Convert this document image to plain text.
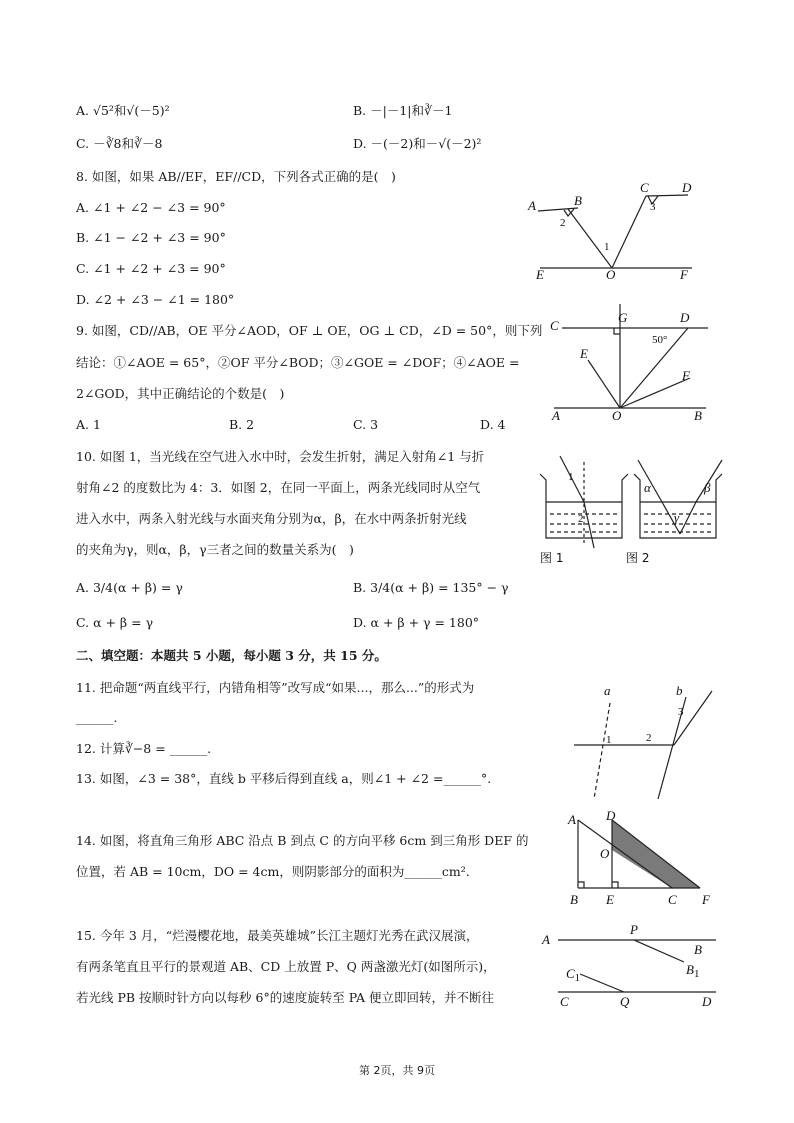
A. √5²和√(－5)²	B. －|－1|和∛－1
C. －∛8和∛－8	D. －(－2)和－√(－2)²
8. 如图，如果 AB//EF，EF//CD，下列各式正确的是(　)
A. ∠1 + ∠2 − ∠3 = 90°
B. ∠1 − ∠2 + ∠3 = 90°
C. ∠1 + ∠2 + ∠3 = 90°
D. ∠2 + ∠3 − ∠1 = 180°
A	B
C	D
E	O	F
1
2
3
9. 如图，CD//AB，OE 平分∠AOD，OF ⊥ OE，OG ⊥ CD，∠D = 50°，则下列
结论：①∠AOE = 65°，②OF 平分∠BOD；③∠GOE = ∠DOF；④∠AOE =
2∠GOD，其中正确结论的个数是(　)
A. 1	B. 2	C. 3	D. 4
C
G	D
50°
E
F
A	O	B
10. 如图 1，当光线在空气进入水中时，会发生折射，满足入射角∠1 与折
射角∠2 的度数比为 4：3．如图 2，在同一平面上，两条光线同时从空气
进入水中，两条入射光线与水面夹角分别为α，β，在水中两条折射光线
的夹角为γ，则α，β，γ三者之间的数量关系为(　)
A. 3/4(α + β) = γ	B. 3/4(α + β) = 135° − γ
C. α + β = γ	D. α + β + γ = 180°
1
2
α	β
γ
图 1	图 2
二、填空题：本题共 5 小题，每小题 3 分，共 15 分。
11. 把命题“两直线平行，内错角相等”改写成“如果...，那么...”的形式为
______.
12. 计算∛−8 = ______.
13. 如图，∠3 = 38°，直线 b 平移后得到直线 a，则∠1 + ∠2 =______°.
a	b
1	2
3
14. 如图，将直角三角形 ABC 沿点 B 到点 C 的方向平移 6cm 到三角形 DEF 的
位置，若 AB = 10cm，DO = 4cm，则阴影部分的面积为______cm².
A D
O
B E	C F
15. 今年 3 月，“烂漫樱花地，最美英雄城”长江主题灯光秀在武汉展演，
有两条笔直且平行的景观道 AB、CD 上放置 P、Q 两盏激光灯(如图所示)，
若光线 PB 按顺时针方向以每秒 6°的速度旋转至 PA 便立即回转，并不断往
A
P
B
$B_1$
$C_1$
C	Q	D
第 2页，共 9页
